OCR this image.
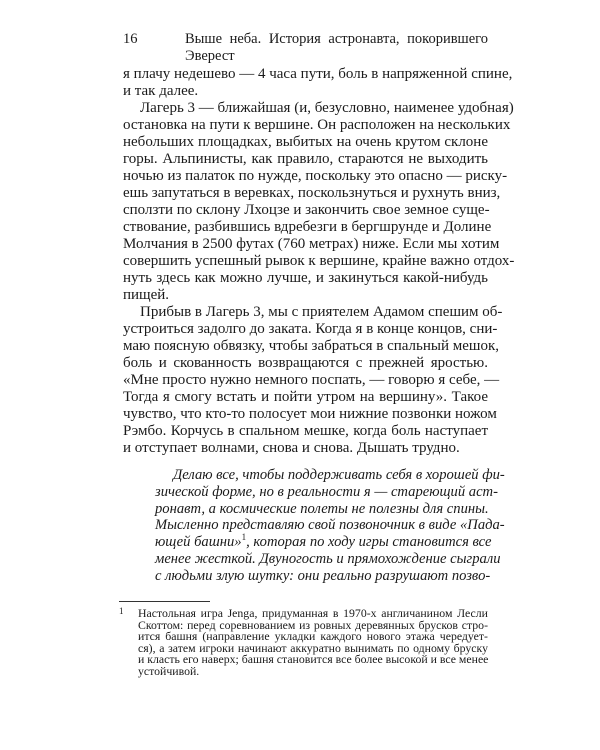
16	Выше неба. История астронавта, покорившего Эверест
я плачу недешево — 4 часа пути, боль в напряженной спине,
и так далее.
Лагерь 3 — ближайшая (и, безусловно, наименее удобная)
остановка на пути к вершине. Он расположен на нескольких
небольших площадках, выбитых на очень крутом склоне
горы. Альпинисты, как правило, стараются не выходить
ночью из палаток по нужде, поскольку это опасно — риску-
ешь запутаться в веревках, поскользнуться и рухнуть вниз,
сползти по склону Лхоцзе и закончить свое земное суще-
ствование, разбившись вдребезги в бергшрунде и Долине
Молчания в 2500 футах (760 метрах) ниже. Если мы хотим
совершить успешный рывок к вершине, крайне важно отдох-
нуть здесь как можно лучше, и закинуться какой-нибудь
пищей.
Прибыв в Лагерь 3, мы с приятелем Адамом спешим об-
устроиться задолго до заката. Когда я в конце концов, сни-
маю поясную обвязку, чтобы забраться в спальный мешок,
боль и скованность возвращаются с прежней яростью.
«Мне просто нужно немного поспать, — говорю я себе, —
Тогда я смогу встать и пойти утром на вершину». Такое
чувство, что кто-то полосует мои нижние позвонки ножом
Рэмбо. Корчусь в спальном мешке, когда боль наступает
и отступает волнами, снова и снова. Дышать трудно.
Делаю все, чтобы поддерживать себя в хорошей фи-
зической форме, но в реальности я — стареющий аст-
ронавт, а космические полеты не полезны для спины.
Мысленно представляю свой позвоночник в виде «Пада-
ющей башни»$^1$, которая по ходу игры становится все
менее жесткой. Двуногость и прямохождение сыграли
с людьми злую шутку: они реально разрушают позво-
1 Настольная игра Jenga, придуманная в 1970-х англичанином Лесли
Скоттом: перед соревнованием из ровных деревянных брусков стро-
ится башня (направление укладки каждого нового этажа чередует-
ся), а затем игроки начинают аккуратно вынимать по одному бруску
и класть его наверх; башня становится все более высокой и все менее
устойчивой.
